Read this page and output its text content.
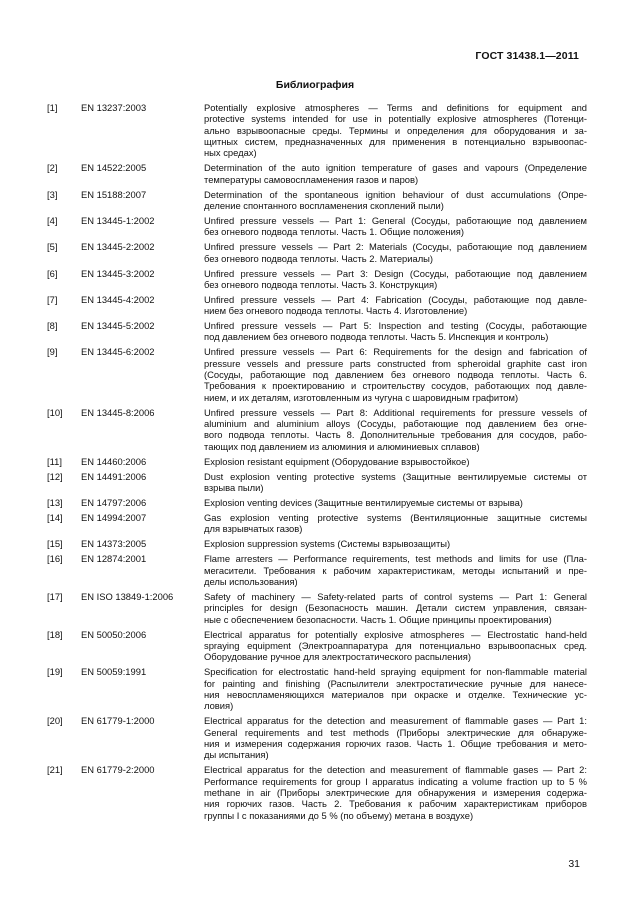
ГОСТ 31438.1—2011
Библиография
[1]	EN 13237:2003	Potentially explosive atmospheres — Terms and definitions for equipment and
protective systems intended for use in potentially explosive atmospheres (Потенци-
ально взрывоопасные среды. Термины и определения для оборудования и за-
щитных систем, предназначенных для применения в потенциально взрывоопас-
ных средах)
[2]	EN 14522:2005	Determination of the auto ignition temperature of gases and vapours (Определение
температуры самовоспламенения газов и паров)
[3]	EN 15188:2007	Determination of the spontaneous ignition behaviour of dust accumulations (Опре-
деление спонтанного воспламенения скоплений пыли)
[4]	EN 13445-1:2002	Unfired pressure vessels — Part 1: General (Сосуды, работающие под давлением
без огневого подвода теплоты. Часть 1. Общие положения)
[5]	EN 13445-2:2002	Unfired pressure vessels — Part 2: Materials (Сосуды, работающие под давлением
без огневого подвода теплоты. Часть 2. Материалы)
[6]	EN 13445-3:2002	Unfired pressure vessels — Part 3: Design (Сосуды, работающие под давлением
без огневого подвода теплоты. Часть 3. Конструкция)
[7]	EN 13445-4:2002	Unfired pressure vessels — Part 4: Fabrication (Сосуды, работающие под давле-
нием без огневого подвода теплоты. Часть 4. Изготовление)
[8]	EN 13445-5:2002	Unfired pressure vessels — Part 5: Inspection and testing (Сосуды, работающие
под давлением без огневого подвода теплоты. Часть 5. Инспекция и контроль)
[9]	EN 13445-6:2002	Unfired pressure vessels — Part 6: Requirements for the design and fabrication of
pressure vessels and pressure parts constructed from spheroidal graphite cast iron
(Сосуды, работающие под давлением без огневого подвода теплоты. Часть 6.
Требования к проектированию и строительству сосудов, работающих под давле-
нием, и их деталям, изготовленным из чугуна с шаровидным графитом)
[10] EN 13445-8:2006	Unfired pressure vessels — Part 8: Additional requirements for pressure vessels of
aluminium and aluminium alloys (Сосуды, работающие под давлением без огне-
вого подвода теплоты. Часть 8. Дополнительные требования для сосудов, рабо-
тающих под давлением из алюминия и алюминиевых сплавов)
[11] EN 14460:2006	Explosion resistant equipment (Оборудование взрывостойкое)
[12] EN 14491:2006	Dust explosion venting protective systems (Защитные вентилируемые системы от
взрыва пыли)
[13] EN 14797:2006	Explosion venting devices (Защитные вентилируемые системы от взрыва)
[14] EN 14994:2007	Gas explosion venting protective systems (Вентиляционные защитные системы
для взрывчатых газов)
[15] EN 14373:2005	Explosion suppression systems (Системы взрывозащиты)
[16] EN 12874:2001	Flame arresters — Performance requirements, test methods and limits for use (Пла-
мегасители. Требования к рабочим характеристикам, методы испытаний и пре-
делы использования)
[17] EN ISO 13849-1:2006	Safety of machinery — Safety-related parts of control systems — Part 1: General
principles for design (Безопасность машин. Детали систем управления, связан-
ные с обеспечением безопасности. Часть 1. Общие принципы проектирования)
[18] EN 50050:2006	Electrical apparatus for potentially explosive atmospheres — Electrostatic hand-held
spraying equipment (Электроаппаратура для потенциально взрывоопасных сред.
Оборудование ручное для электростатического распыления)
[19] EN 50059:1991	Specification for electrostatic hand-held spraying equipment for non-flammable material
for painting and finishing (Распылители электростатические ручные для нанесе-
ния невоспламеняющихся материалов при окраске и отделке. Технические ус-
ловия)
[20] EN 61779-1:2000	Electrical apparatus for the detection and measurement of flammable gases — Part 1:
General requirements and test methods (Приборы электрические для обнаруже-
ния и измерения содержания горючих газов. Часть 1. Общие требования и мето-
ды испытания)
[21] EN 61779-2:2000	Electrical apparatus for the detection and measurement of flammable gases — Part 2:
Performance requirements for group I apparatus indicating a volume fraction up to 5 %
methane in air (Приборы электрические для обнаружения и измерения содержа-
ния горючих газов. Часть 2. Требования к рабочим характеристикам приборов
группы I с показаниями до 5 % (по объему) метана в воздухе)
31
